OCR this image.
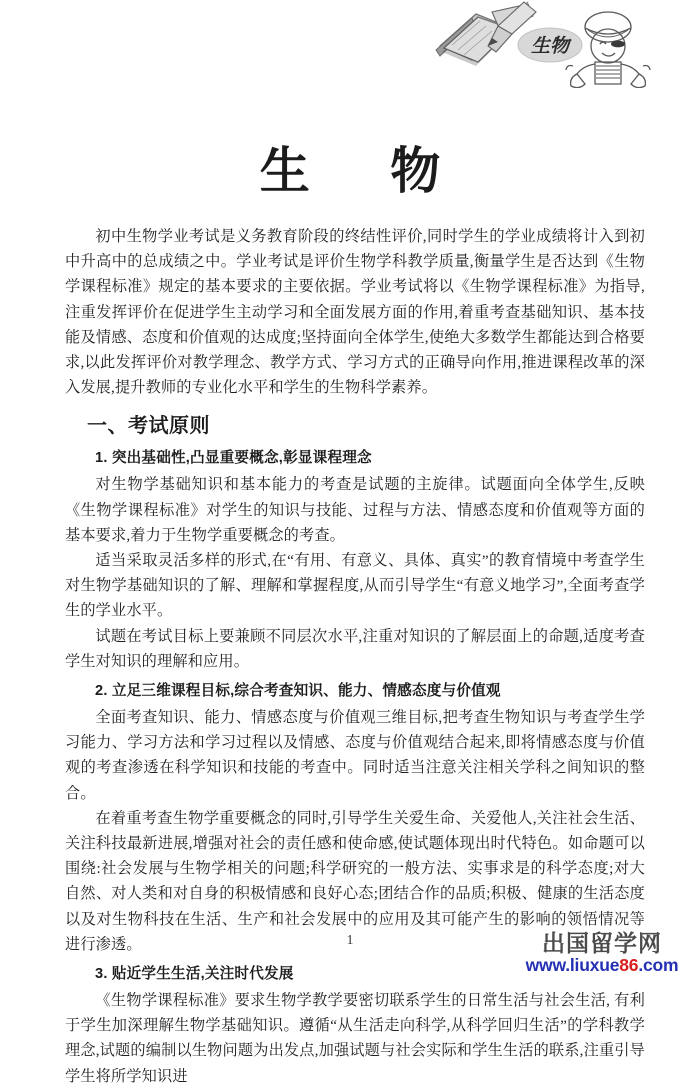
生物
生 物

初中生物学业考试是义务教育阶段的终结性评价,同时学生的学业成绩将计入到初中升高中的总成绩之中。学业考试是评价生物学科教学质量,衡量学生是否达到《生物学课程标准》规定的基本要求的主要依据。学业考试将以《生物学课程标准》为指导,注重发挥评价在促进学生主动学习和全面发展方面的作用,着重考查基础知识、基本技能及情感、态度和价值观的达成度;坚持面向全体学生,使绝大多数学生都能达到合格要求,以此发挥评价对教学理念、教学方式、学习方式的正确导向作用,推进课程改革的深入发展,提升教师的专业化水平和学生的生物科学素养。

一、考试原则
1. 突出基础性,凸显重要概念,彰显课程理念

对生物学基础知识和基本能力的考查是试题的主旋律。试题面向全体学生,反映《生物学课程标准》对学生的知识与技能、过程与方法、情感态度和价值观等方面的基本要求,着力于生物学重要概念的考查。

适当采取灵活多样的形式,在“有用、有意义、具体、真实”的教育情境中考查学生对生物学基础知识的了解、理解和掌握程度,从而引导学生“有意义地学习”,全面考查学生的学业水平。

试题在考试目标上要兼顾不同层次水平,注重对知识的了解层面上的命题,适度考查学生对知识的理解和应用。

2. 立足三维课程目标,综合考查知识、能力、情感态度与价值观

全面考查知识、能力、情感态度与价值观三维目标,把考查生物知识与考查学生学习能力、学习方法和学习过程以及情感、态度与价值观结合起来,即将情感态度与价值观的考查渗透在科学知识和技能的考查中。同时适当注意关注相关学科之间知识的整合。

在着重考查生物学重要概念的同时,引导学生关爱生命、关爱他人,关注社会生活、关注科技最新进展,增强对社会的责任感和使命感,使试题体现出时代特色。如命题可以围绕:社会发展与生物学相关的问题;科学研究的一般方法、实事求是的科学态度;对大自然、对人类和对自身的积极情感和良好心态;团结合作的品质;积极、健康的生活态度以及对生物科技在生活、生产和社会发展中的应用及其可能产生的影响的领悟情况等进行渗透。

3. 贴近学生生活,关注时代发展

《生物学课程标准》要求生物学教学要密切联系学生的日常生活与社会生活, 有利于学生加深理解生物学基础知识。遵循“从生活走向科学,从科学回归生活”的学科教学理念,试题的编制以生物问题为出发点,加强试题与社会实际和学生生活的联系,注重引导学生将所学知识进

1	出国留学网
www.liuxue86.com
